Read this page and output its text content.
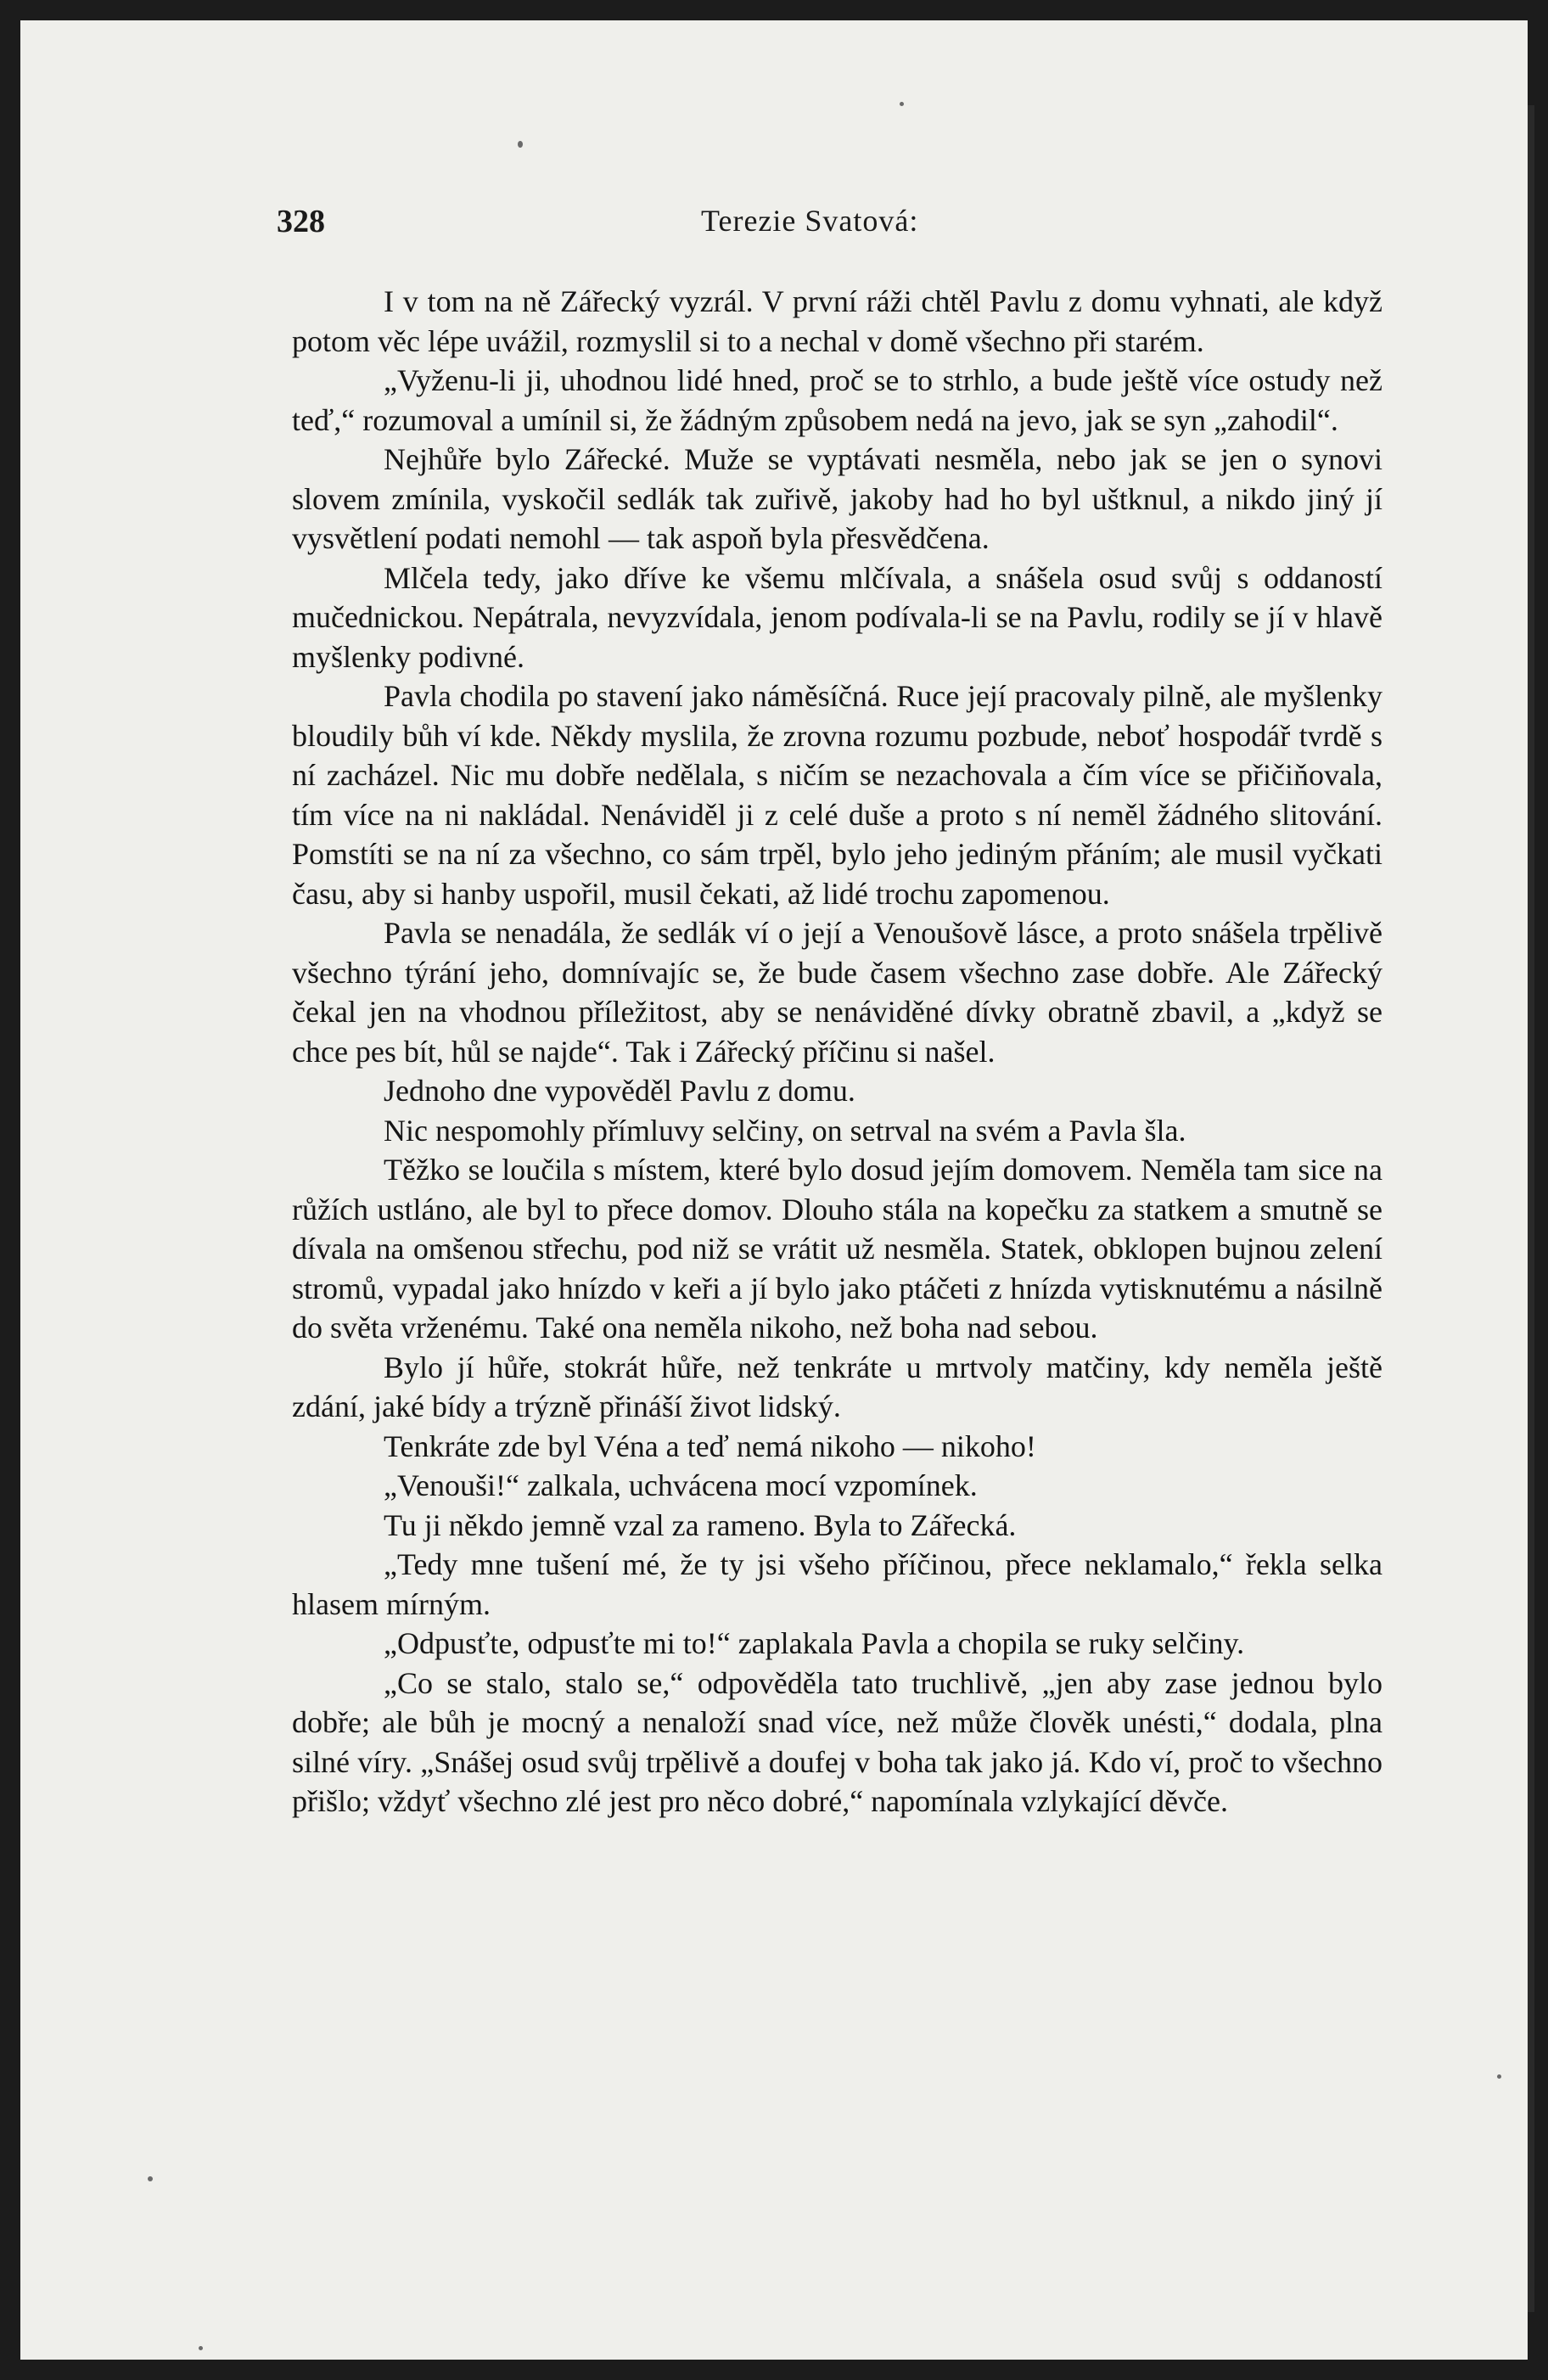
328	Terezie Svatová:

I v tom na ně Zářecký vyzrál. V první ráži chtěl Pavlu z domu vyhnati, ale když potom věc lépe uvážil, rozmyslil si to a nechal v domě všechno při starém.

„Vyženu-li ji, uhodnou lidé hned, proč se to strhlo, a bude ještě více ostudy než teď,“ rozumoval a umínil si, že žádným způsobem nedá na jevo, jak se syn „zahodil“.

Nejhůře bylo Zářecké. Muže se vyptávati nesměla, nebo jak se jen o synovi slovem zmínila, vyskočil sedlák tak zuřivě, jakoby had ho byl uštknul, a nikdo jiný jí vysvětlení podati nemohl — tak aspoň byla přesvědčena.

Mlčela tedy, jako dříve ke všemu mlčívala, a snášela osud svůj s oddaností mučednickou. Nepátrala, nevyzvídala, jenom podívala-li se na Pavlu, rodily se jí v hlavě myšlenky podivné.

Pavla chodila po stavení jako náměsíčná. Ruce její pracovaly pilně, ale myšlenky bloudily bůh ví kde. Někdy myslila, že zrovna rozumu pozbude, neboť hospodář tvrdě s ní zacházel. Nic mu dobře nedělala, s ničím se nezachovala a čím více se přičiňovala, tím více na ni nakládal. Nenáviděl ji z celé duše a proto s ní neměl žádného slitování. Pomstíti se na ní za všechno, co sám trpěl, bylo jeho jediným přáním; ale musil vyčkati času, aby si hanby uspořil, musil čekati, až lidé trochu zapomenou.

Pavla se nenadála, že sedlák ví o její a Venoušově lásce, a proto snášela trpělivě všechno týrání jeho, domnívajíc se, že bude časem všechno zase dobře. Ale Zářecký čekal jen na vhodnou příležitost, aby se nenáviděné dívky obratně zbavil, a „když se chce pes bít, hůl se najde“. Tak i Zářecký příčinu si našel.

Jednoho dne vypověděl Pavlu z domu.

Nic nespomohly přímluvy selčiny, on setrval na svém a Pavla šla.

Těžko se loučila s místem, které bylo dosud jejím domovem. Neměla tam sice na růžích ustláno, ale byl to přece domov. Dlouho stála na kopečku za statkem a smutně se dívala na omšenou střechu, pod niž se vrátit už nesměla. Statek, obklopen bujnou zelení stromů, vypadal jako hnízdo v keři a jí bylo jako ptáčeti z hnízda vytisknutému a násilně do světa vrženému. Také ona neměla nikoho, než boha nad sebou.

Bylo jí hůře, stokrát hůře, než tenkráte u mrtvoly matčiny, kdy neměla ještě zdání, jaké bídy a trýzně přináší život lidský.

Tenkráte zde byl Véna a teď nemá nikoho — nikoho!

„Venouši!“ zalkala, uchvácena mocí vzpomínek.

Tu ji někdo jemně vzal za rameno. Byla to Zářecká.

„Tedy mne tušení mé, že ty jsi všeho příčinou, přece neklamalo,“ řekla selka hlasem mírným.

„Odpusťte, odpusťte mi to!“ zaplakala Pavla a chopila se ruky selčiny.

„Co se stalo, stalo se,“ odpověděla tato truchlivě, „jen aby zase jednou bylo dobře; ale bůh je mocný a nenaloží snad více, než může člověk unésti,“ dodala, plna silné víry. „Snášej osud svůj trpělivě a doufej v boha tak jako já. Kdo ví, proč to všechno přišlo; vždyť všechno zlé jest pro něco dobré,“ napomínala vzlykající děvče.
